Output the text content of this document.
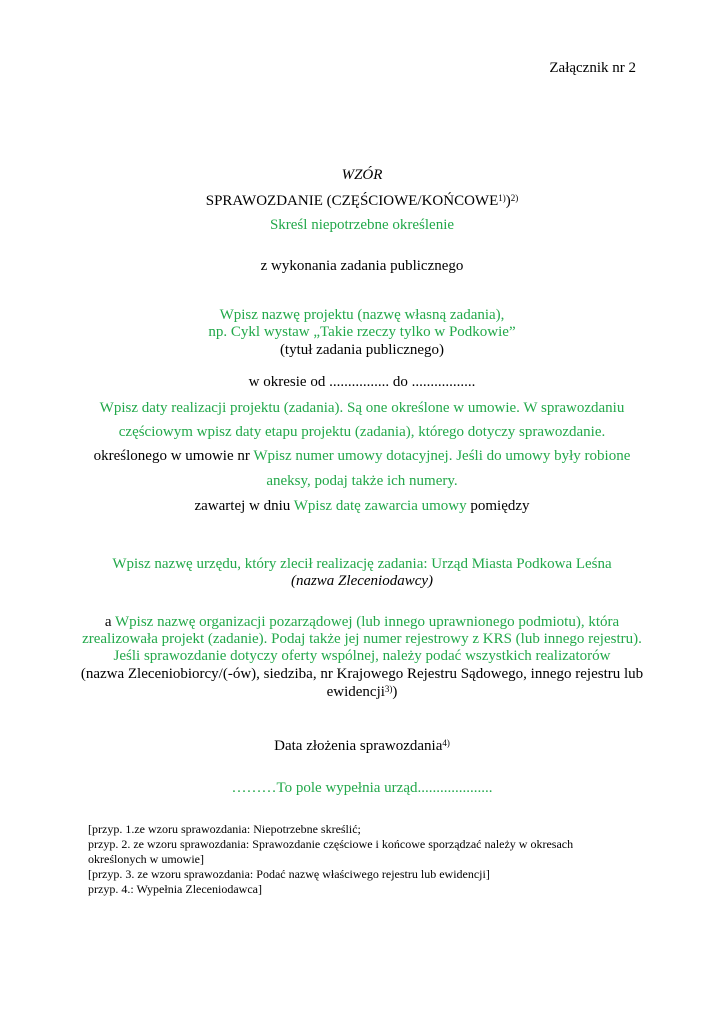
Załącznik nr 2
WZÓR
SPRAWOZDANIE (CZĘŚCIOWE/KOŃCOWE$^{1)}$)$^{2)}$
Skreśl niepotrzebne określenie
z wykonania zadania publicznego
Wpisz nazwę projektu (nazwę własną zadania),
np. Cykl wystaw „Takie rzeczy tylko w Podkowie”
(tytuł zadania publicznego)
w okresie od ................ do .................
Wpisz daty realizacji projektu (zadania). Są one określone w umowie. W sprawozdaniu
częściowym wpisz daty etapu projektu (zadania), którego dotyczy sprawozdanie.
określonego w umowie nr Wpisz numer umowy dotacyjnej. Jeśli do umowy były robione
aneksy, podaj także ich numery.
zawartej w dniu Wpisz datę zawarcia umowy pomiędzy
Wpisz nazwę urzędu, który zlecił realizację zadania: Urząd Miasta Podkowa Leśna
(nazwa Zleceniodawcy)
a Wpisz nazwę organizacji pozarządowej (lub innego uprawnionego podmiotu), która
zrealizowała projekt (zadanie). Podaj także jej numer rejestrowy z KRS (lub innego rejestru).
Jeśli sprawozdanie dotyczy oferty wspólnej, należy podać wszystkich realizatorów
(nazwa Zleceniobiorcy/(-ów), siedziba, nr Krajowego Rejestru Sądowego, innego rejestru lub
ewidencji$^{3)}$)
Data złożenia sprawozdania$^{4)}$
………To pole wypełnia urząd....................
[przyp. 1.ze wzoru sprawozdania: Niepotrzebne skreślić;
przyp. 2. ze wzoru sprawozdania: Sprawozdanie częściowe i końcowe sporządzać należy w okresach
określonych w umowie]
[przyp. 3. ze wzoru sprawozdania: Podać nazwę właściwego rejestru lub ewidencji]
przyp. 4.: Wypełnia Zleceniodawca]
